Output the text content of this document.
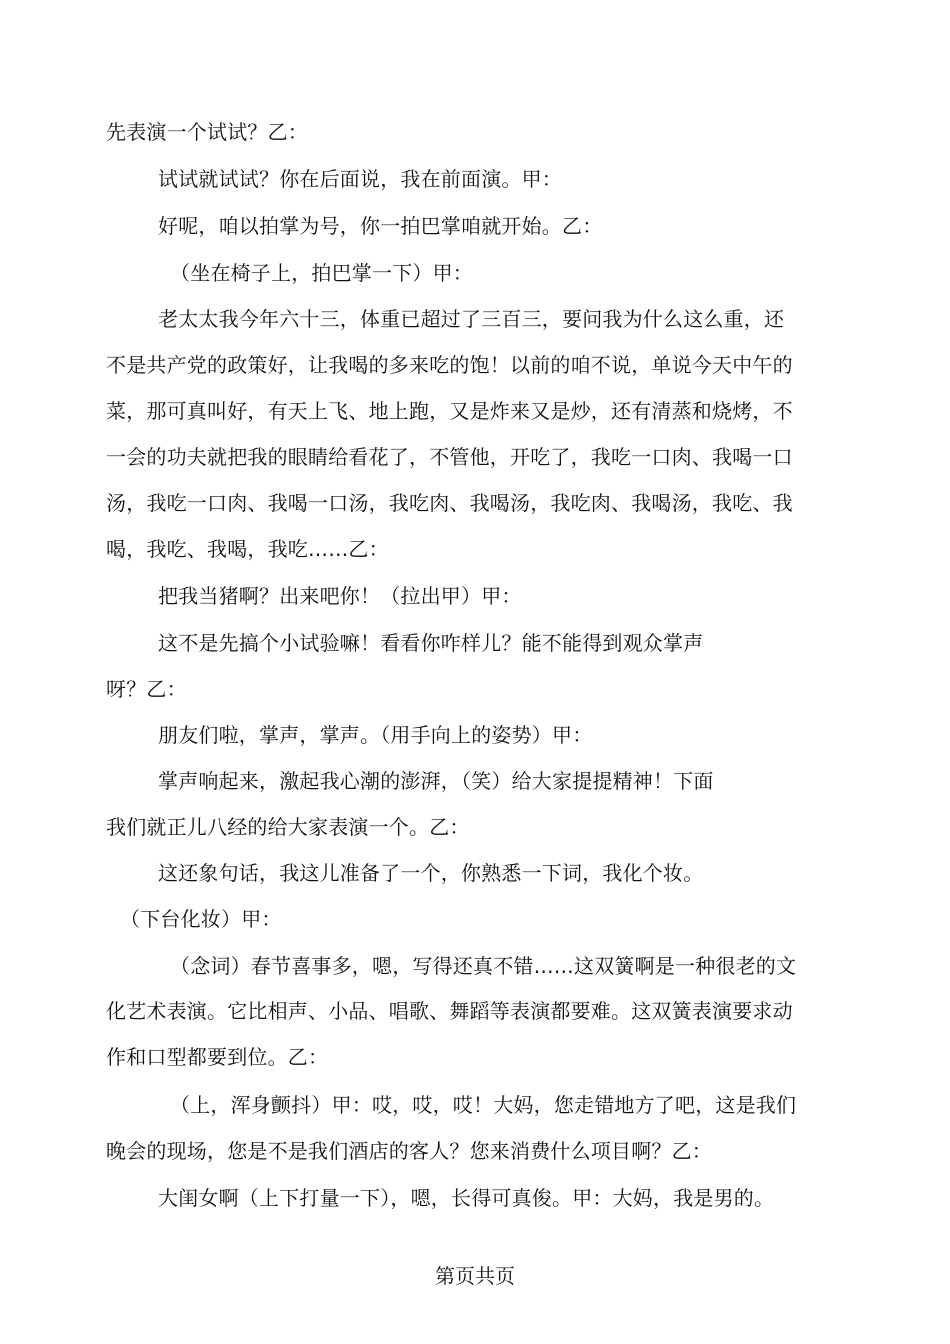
先表演一个试试？乙：
试试就试试？你在后面说，我在前面演。甲：
好呢，咱以拍掌为号，你一拍巴掌咱就开始。乙：
（坐在椅子上，拍巴掌一下）甲：
老太太我今年六十三，体重已超过了三百三，要问我为什么这么重，还
不是共产党的政策好，让我喝的多来吃的饱！以前的咱不说，单说今天中午的
菜，那可真叫好，有天上飞、地上跑，又是炸来又是炒，还有清蒸和烧烤，不
一会的功夫就把我的眼睛给看花了，不管他，开吃了，我吃一口肉、我喝一口
汤，我吃一口肉、我喝一口汤，我吃肉、我喝汤，我吃肉、我喝汤，我吃、我
喝，我吃、我喝，我吃……乙：
把我当猪啊？出来吧你！（拉出甲）甲：
这不是先搞个小试验嘛！看看你咋样儿？能不能得到观众掌声
呀？乙：
朋友们啦，掌声，掌声。（用手向上的姿势）甲：
掌声响起来，激起我心潮的澎湃，（笑）给大家提提精神！下面
我们就正儿八经的给大家表演一个。乙：
这还象句话，我这儿准备了一个，你熟悉一下词，我化个妆。
（下台化妆）甲：
（念词）春节喜事多，嗯，写得还真不错……这双簧啊是一种很老的文
化艺术表演。它比相声、小品、唱歌、舞蹈等表演都要难。这双簧表演要求动
作和口型都要到位。乙：
（上，浑身颤抖）甲：哎，哎，哎！大妈，您走错地方了吧，这是我们
晚会的现场，您是不是我们酒店的客人？您来消费什么项目啊？乙：
大闺女啊（上下打量一下），嗯，长得可真俊。甲：大妈，我是男的。
第页共页
